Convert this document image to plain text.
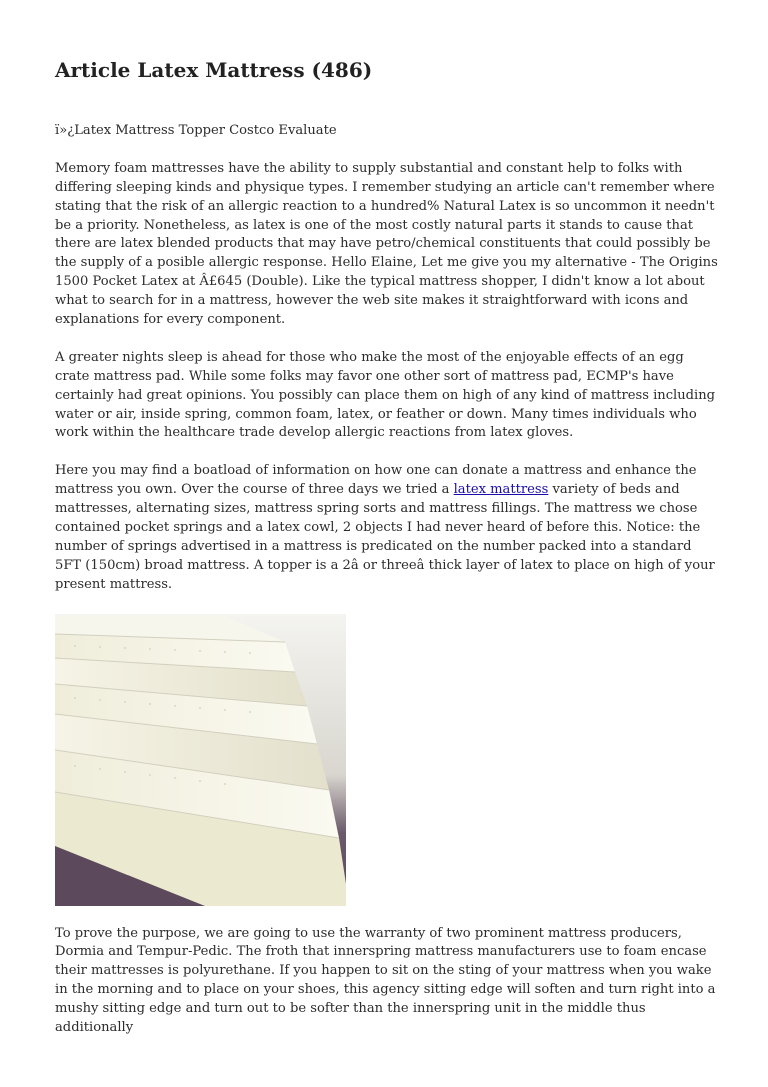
Article Latex Mattress (486)

ï»¿Latex Mattress Topper Costco Evaluate

Memory foam mattresses have the ability to supply substantial and constant help to folks with differing sleeping kinds and physique types. I remember studying an article can't remember where stating that the risk of an allergic reaction to a hundred% Natural Latex is so uncommon it needn't be a priority. Nonetheless, as latex is one of the most costly natural parts it stands to cause that there are latex blended products that may have petro/chemical constituents that could possibly be the supply of a posible allergic response. Hello Elaine, Let me give you my alternative - The Origins 1500 Pocket Latex at Â£645 (Double). Like the typical mattress shopper, I didn't know a lot about what to search for in a mattress, however the web site makes it straightforward with icons and explanations for every component.

A greater nights sleep is ahead for those who make the most of the enjoyable effects of an egg crate mattress pad. While some folks may favor one other sort of mattress pad, ECMP's have certainly had great opinions. You possibly can place them on high of any kind of mattress including water or air, inside spring, common foam, latex, or feather or down. Many times individuals who work within the healthcare trade develop allergic reactions from latex gloves.

Here you may find a boatload of information on how one can donate a mattress and enhance the mattress you own. Over the course of three days we tried a latex mattress variety of beds and mattresses, alternating sizes, mattress spring sorts and mattress fillings. The mattress we chose contained pocket springs and a latex cowl, 2 objects I had never heard of before this. Notice: the number of springs advertised in a mattress is predicated on the number packed into a standard 5FT (150cm) broad mattress. A topper is a 2â or threeâ thick layer of latex to place on high of your present mattress.

To prove the purpose, we are going to use the warranty of two prominent mattress producers, Dormia and Tempur-Pedic. The froth that innerspring mattress manufacturers use to foam encase their mattresses is polyurethane. If you happen to sit on the sting of your mattress when you wake in the morning and to place on your shoes, this agency sitting edge will soften and turn right into a mushy sitting edge and turn out to be softer than the innerspring unit in the middle thus additionally
